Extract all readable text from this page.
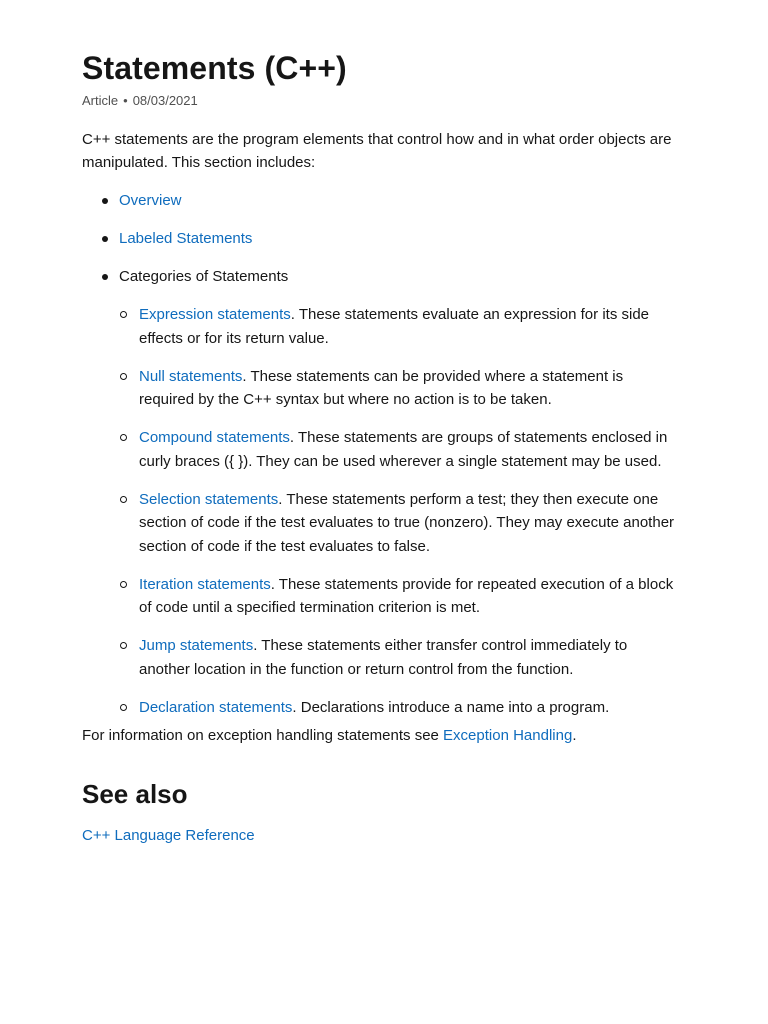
Statements (C++)
Article • 08/03/2021

C++ statements are the program elements that control how and in what order objects are manipulated. This section includes:

Overview
Labeled Statements
Categories of Statements
Expression statements. These statements evaluate an expression for its side effects or for its return value.
Null statements. These statements can be provided where a statement is required by the C++ syntax but where no action is to be taken.
Compound statements. These statements are groups of statements enclosed in curly braces ({ }). They can be used wherever a single statement may be used.
Selection statements. These statements perform a test; they then execute one section of code if the test evaluates to true (nonzero). They may execute another section of code if the test evaluates to false.
Iteration statements. These statements provide for repeated execution of a block of code until a specified termination criterion is met.
Jump statements. These statements either transfer control immediately to another location in the function or return control from the function.
Declaration statements. Declarations introduce a name into a program.

For information on exception handling statements see Exception Handling.

See also
C++ Language Reference
